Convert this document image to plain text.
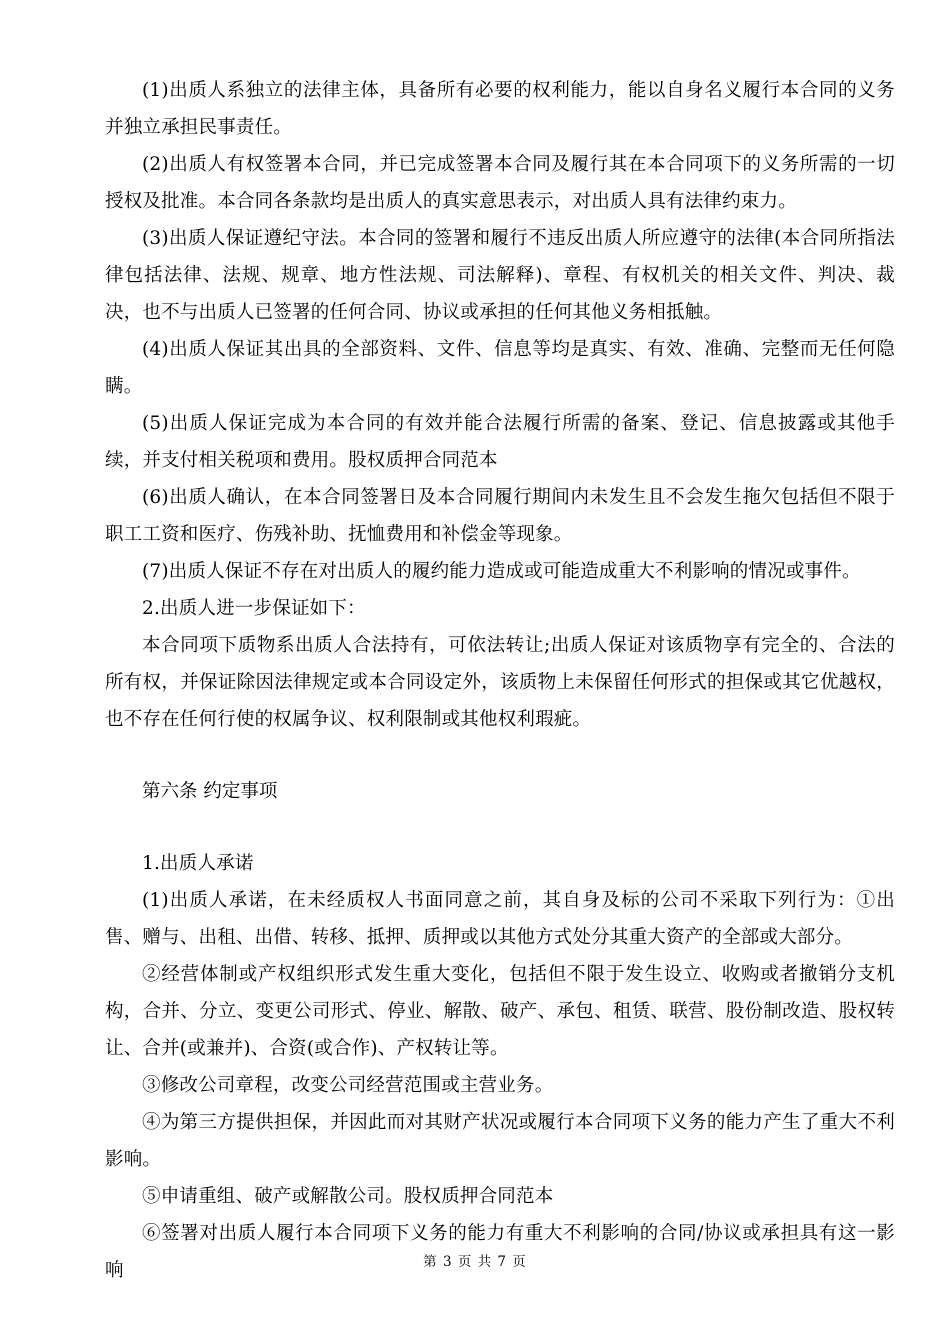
(1)出质人系独立的法律主体，具备所有必要的权利能力，能以自身名义履行本合同的义务并独立承担民事责任。

(2)出质人有权签署本合同，并已完成签署本合同及履行其在本合同项下的义务所需的一切授权及批准。本合同各条款均是出质人的真实意思表示，对出质人具有法律约束力。

(3)出质人保证遵纪守法。本合同的签署和履行不违反出质人所应遵守的法律(本合同所指法律包括法律、法规、规章、地方性法规、司法解释)、章程、有权机关的相关文件、判决、裁决，也不与出质人已签署的任何合同、协议或承担的任何其他义务相抵触。

(4)出质人保证其出具的全部资料、文件、信息等均是真实、有效、准确、完整而无任何隐瞒。

(5)出质人保证完成为本合同的有效并能合法履行所需的备案、登记、信息披露或其他手续，并支付相关税项和费用。股权质押合同范本

(6)出质人确认，在本合同签署日及本合同履行期间内未发生且不会发生拖欠包括但不限于职工工资和医疗、伤残补助、抚恤费用和补偿金等现象。

(7)出质人保证不存在对出质人的履约能力造成或可能造成重大不利影响的情况或事件。

2.出质人进一步保证如下：

本合同项下质物系出质人合法持有，可依法转让;出质人保证对该质物享有完全的、合法的所有权，并保证除因法律规定或本合同设定外，该质物上未保留任何形式的担保或其它优越权，也不存在任何行使的权属争议、权利限制或其他权利瑕疵。

第六条 约定事项

1.出质人承诺

(1)出质人承诺，在未经质权人书面同意之前，其自身及标的公司不采取下列行为：①出售、赠与、出租、出借、转移、抵押、质押或以其他方式处分其重大资产的全部或大部分。

②经营体制或产权组织形式发生重大变化，包括但不限于发生设立、收购或者撤销分支机构，合并、分立、变更公司形式、停业、解散、破产、承包、租赁、联营、股份制改造、股权转让、合并(或兼并)、合资(或合作)、产权转让等。

③修改公司章程，改变公司经营范围或主营业务。

④为第三方提供担保，并因此而对其财产状况或履行本合同项下义务的能力产生了重大不利影响。

⑤申请重组、破产或解散公司。股权质押合同范本

⑥签署对出质人履行本合同项下义务的能力有重大不利影响的合同/协议或承担具有这一影响	第 3 页 共 7 页
